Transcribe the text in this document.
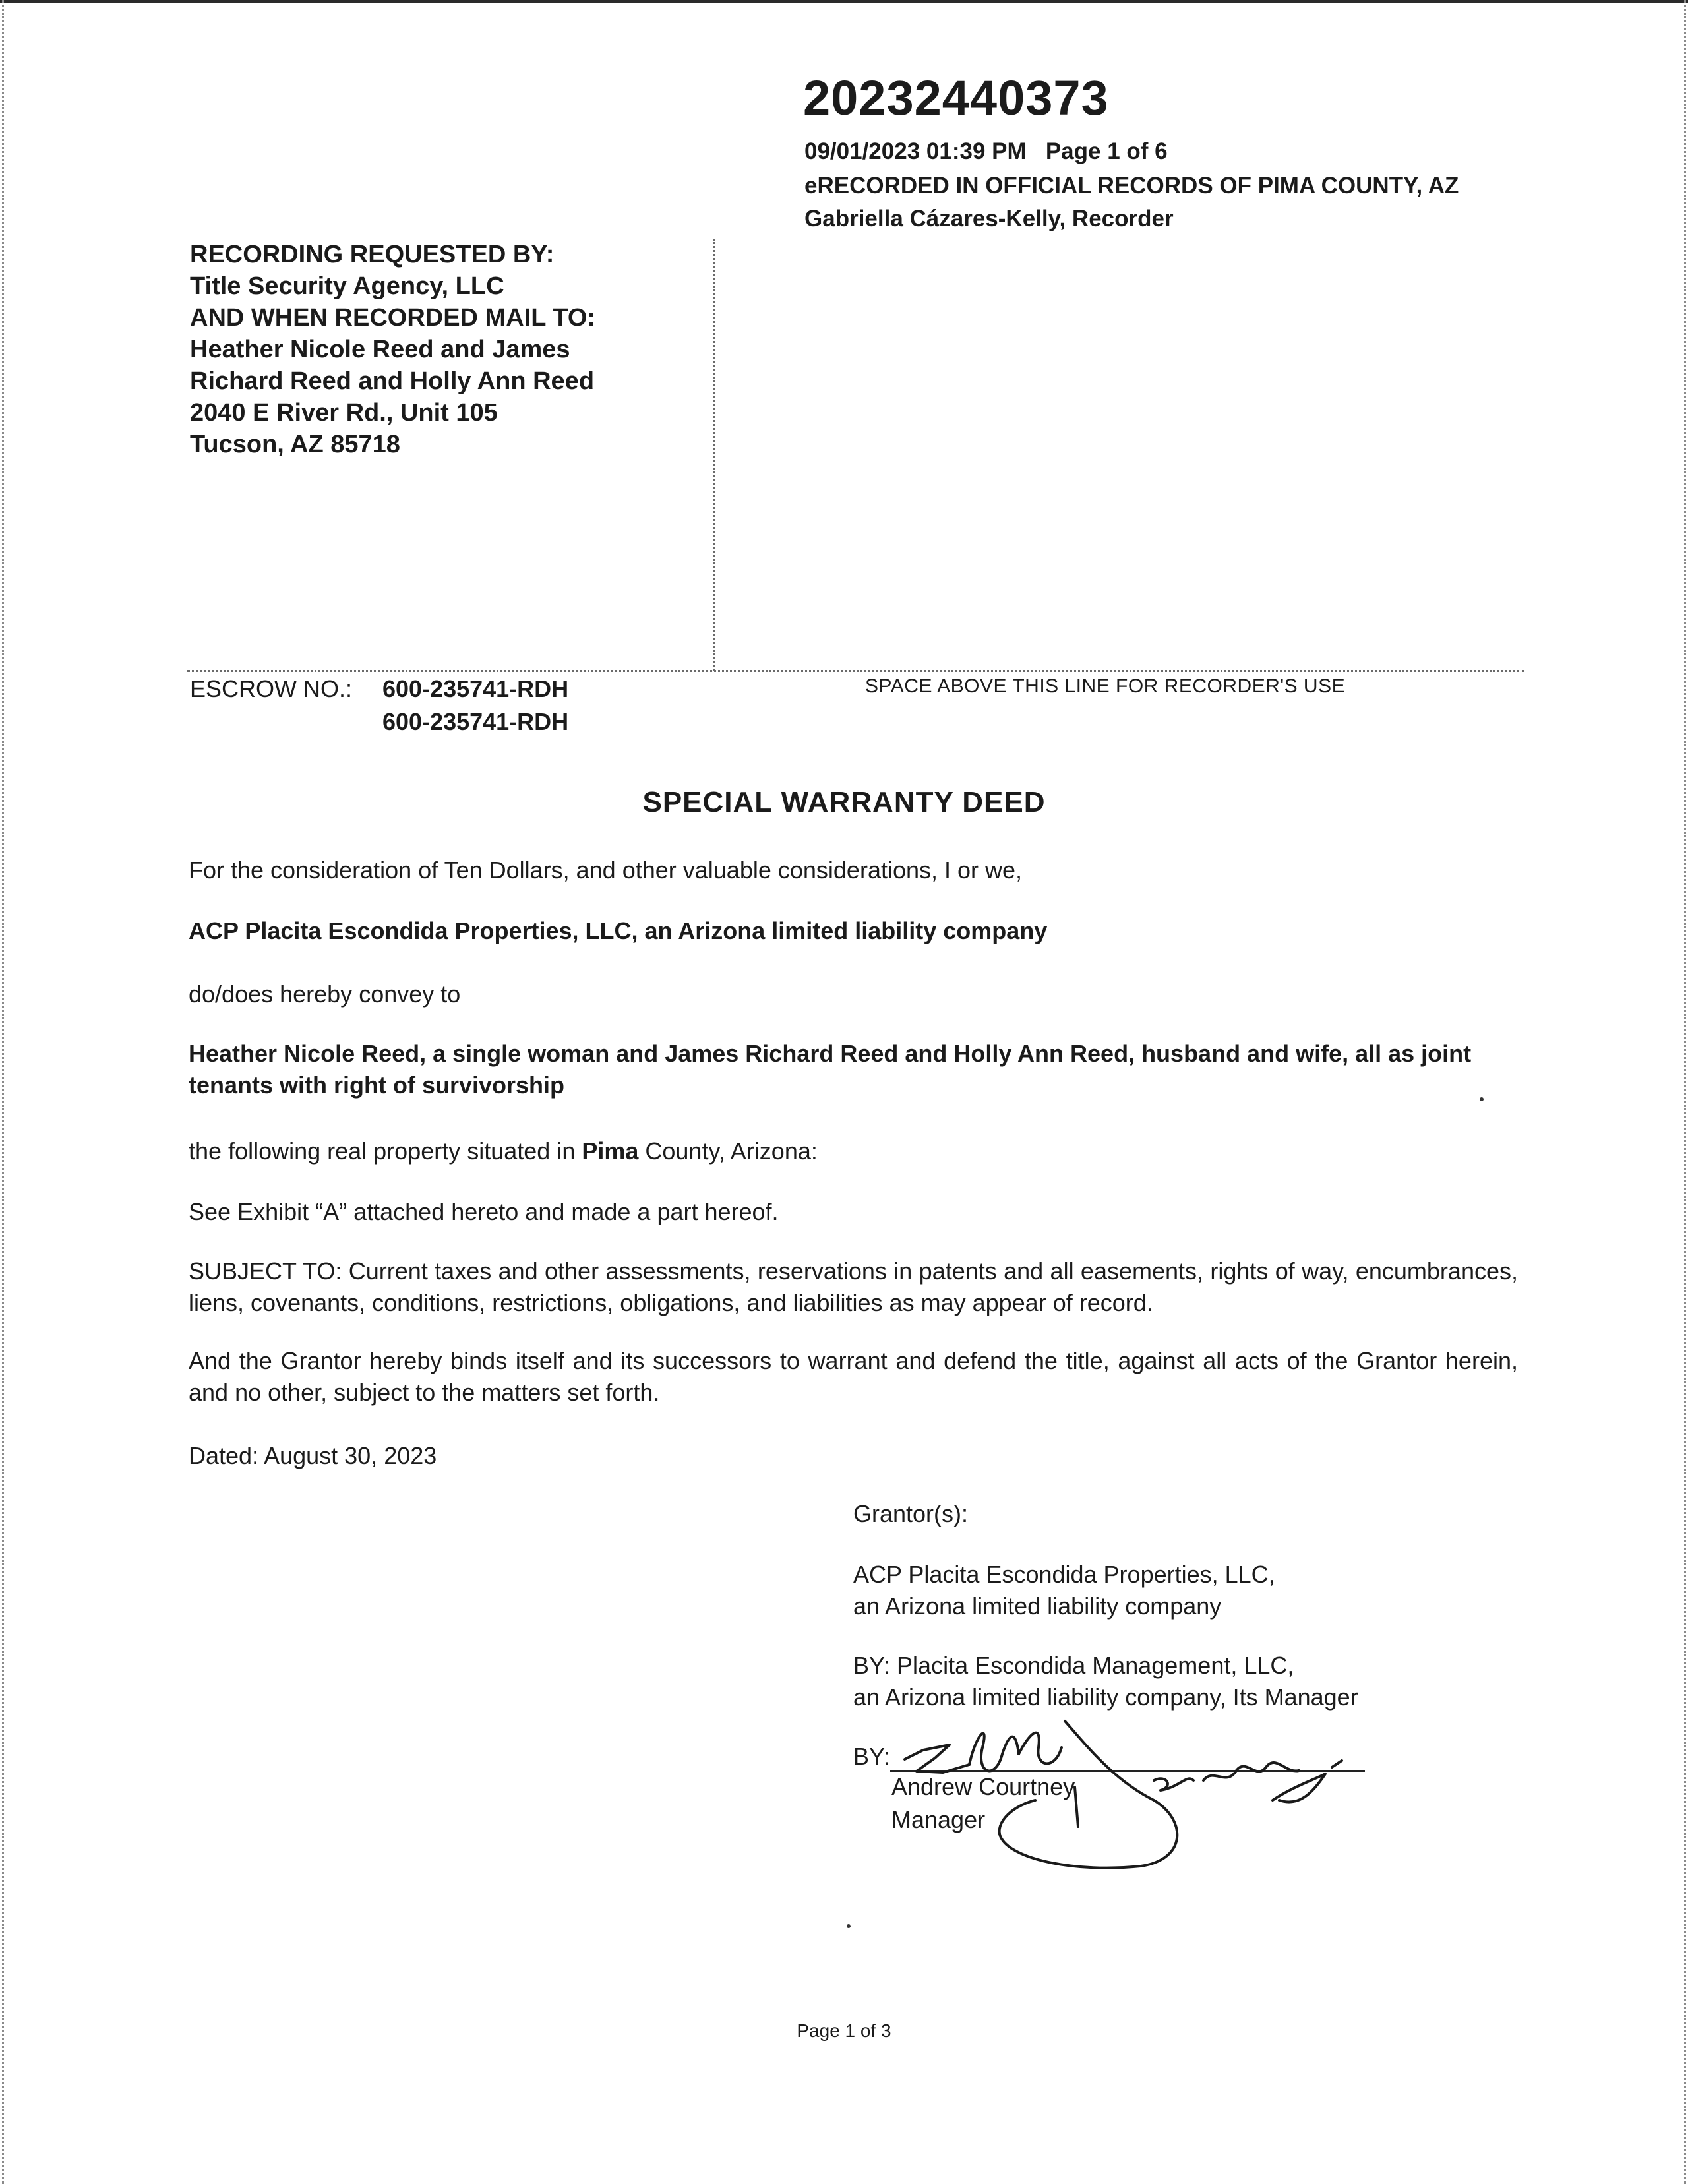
20232440373
09/01/2023 01:39 PM Page 1 of 6
eRECORDED IN OFFICIAL RECORDS OF PIMA COUNTY, AZ
Gabriella Cázares-Kelly, Recorder
RECORDING REQUESTED BY:
Title Security Agency, LLC
AND WHEN RECORDED MAIL TO:
Heather Nicole Reed and James
Richard Reed and Holly Ann Reed
2040 E River Rd., Unit 105
Tucson, AZ 85718
ESCROW NO.: 600-235741-RDH
600-235741-RDH
SPACE ABOVE THIS LINE FOR RECORDER'S USE
SPECIAL WARRANTY DEED
For the consideration of Ten Dollars, and other valuable considerations, I or we,
ACP Placita Escondida Properties, LLC, an Arizona limited liability company
do/does hereby convey to
Heather Nicole Reed, a single woman and James Richard Reed and Holly Ann Reed, husband and wife, all as joint tenants with right of survivorship
the following real property situated in Pima County, Arizona:
See Exhibit “A” attached hereto and made a part hereof.
SUBJECT TO: Current taxes and other assessments, reservations in patents and all easements, rights of way, encumbrances, liens, covenants, conditions, restrictions, obligations, and liabilities as may appear of record.
And the Grantor hereby binds itself and its successors to warrant and defend the title, against all acts of the Grantor herein, and no other, subject to the matters set forth.
Dated: August 30, 2023
Grantor(s):
ACP Placita Escondida Properties, LLC,
an Arizona limited liability company
BY: Placita Escondida Management, LLC,
an Arizona limited liability company, Its Manager
BY:
Andrew Courtney
Manager
Page 1 of 3
